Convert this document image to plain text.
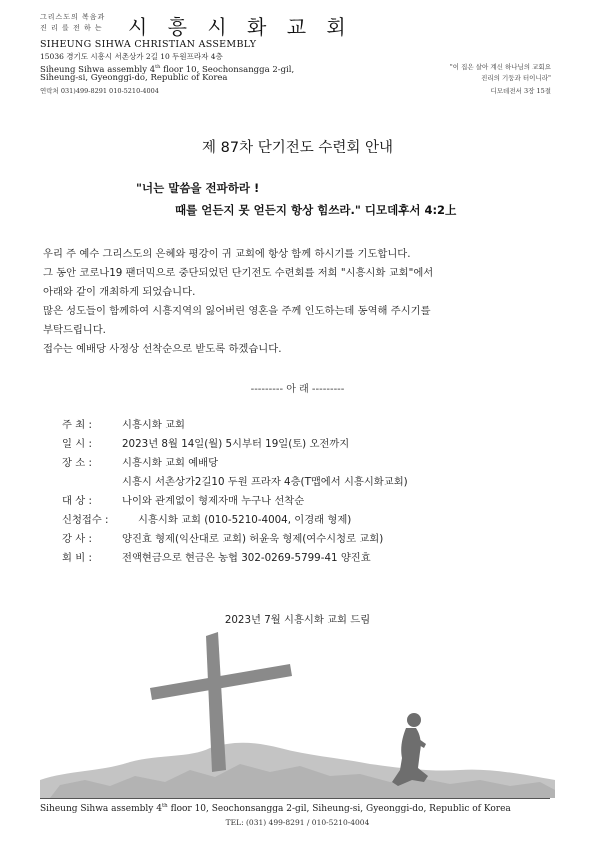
그리스도의 복음과
진 리 를 전 하 는 시 흥 시 화 교 회
SIHEUNG SIHWA CHRISTIAN ASSEMBLY
15036 경기도 시흥시 서촌상가 2길 10 두원프라자 4층
Siheung Sihwa assembly 4th floor 10, Seochonsangga 2-gil,
Siheung-si, Gyeonggi-do, Republic of Korea
연락처 031)499-8291 010-5210-4004
"이 집은 살아 계신 하나님의 교회요
진리의 기둥과 터이니라"
디모데전서 3장 15절
제 87차 단기전도 수련회 안내
"너는 말씀을 전파하라 !
때를 얻든지 못 얻든지 항상 힘쓰라." 디모데후서 4:2上
우리 주 예수 그리스도의 은혜와 평강이 귀 교회에 항상 함께 하시기를 기도합니다.
그 동안 코로나19 팬더믹으로 중단되었던 단기전도 수련회를 저희 "시흥시화 교회"에서
아래와 같이 개최하게 되었습니다.
많은 성도들이 함께하여 시흥지역의 잃어버린 영혼을 주께 인도하는데 동역해 주시기를
부탁드립니다.
접수는 예배당 사정상 선착순으로 받도록 하겠습니다.
--------- 아 래 ---------
주 최 :	시흥시화 교회
일 시 :	2023년 8월 14일(월) 5시부터 19일(토) 오전까지
장 소 :	시흥시화 교회 예배당
시흥시 서촌상가2길10 두원 프라자 4층(T맵에서 시흥시화교회)
대 상 :	나이와 관계없이 형제자매 누구나 선착순
신청접수 :	시흥시화 교회 (010-5210-4004, 이경래 형제)
강 사 :	양진효 형제(익산대로 교회) 허윤욱 형제(여수시청로 교회)
회 비 :	전액현금으로 현금은 농협 302-0269-5799-41 양진효
2023년 7월 시흥시화 교회 드림
Siheung Sihwa assembly 4th floor 10, Seochonsangga 2-gil, Siheung-si, Gyeonggi-do, Republic of Korea
TEL: (031) 499-8291 / 010-5210-4004
